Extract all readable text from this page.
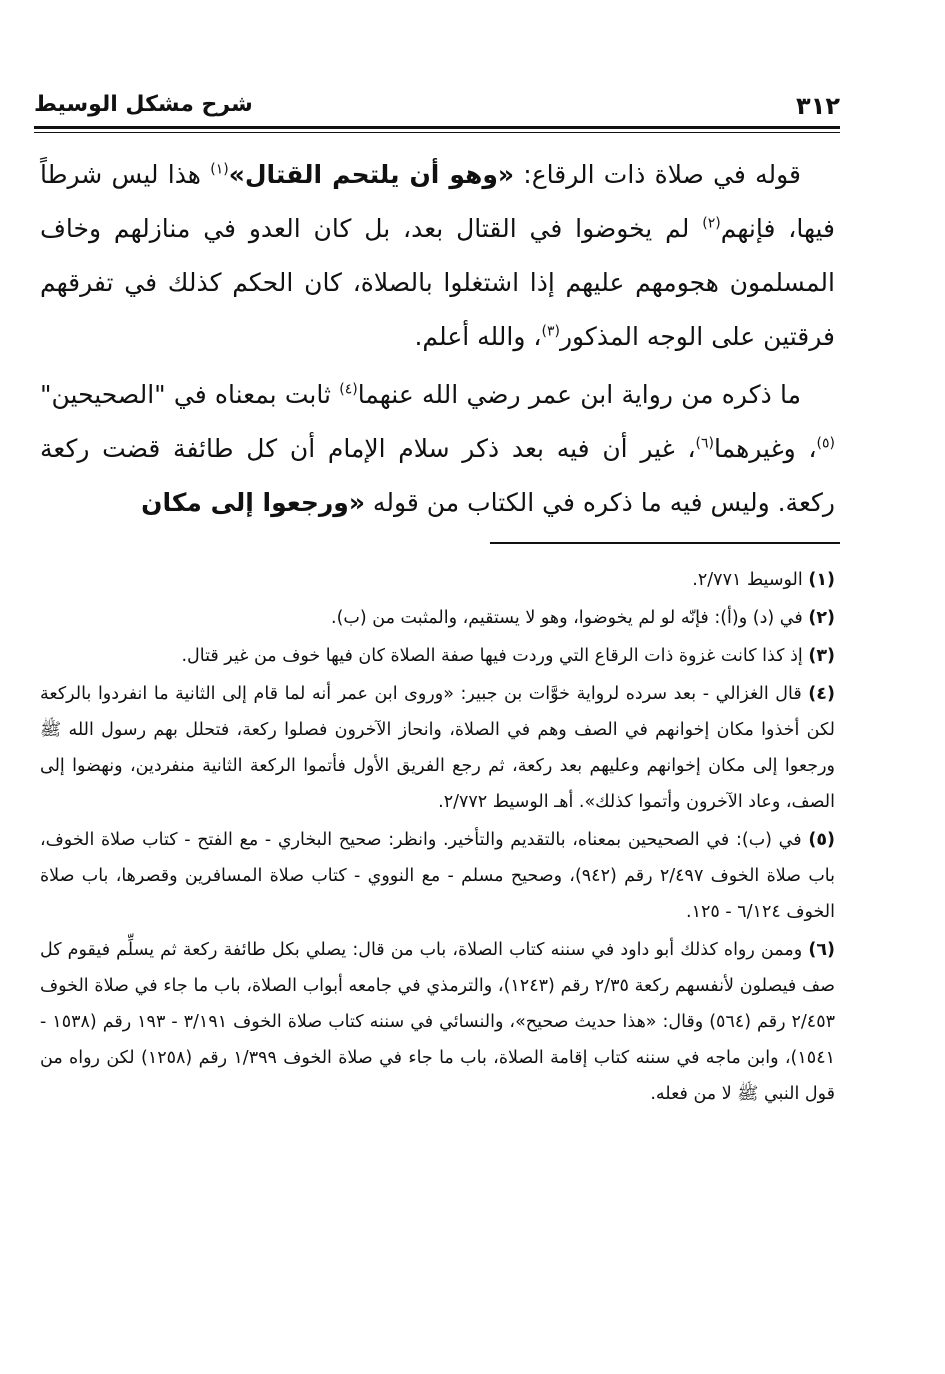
٣١٢
شرح مشكل الوسيط

قوله في صلاة ذات الرقاع: «وهو أن يلتحم القتال»$^{(١)}$ هذا ليس شرطاً فيها، فإنهم$^{(٢)}$ لم يخوضوا في القتال بعد، بل كان العدو في منازلهم وخاف المسلمون هجومهم عليهم إذا اشتغلوا بالصلاة، كان الحكم كذلك في تفرقهم فرقتين على الوجه المذكور$^{(٣)}$، والله أعلم.

ما ذكره من رواية ابن عمر رضي الله عنهما$^{(٤)}$ ثابت بمعناه في "الصحيحين"$^{(٥)}$، وغيرهما$^{(٦)}$، غير أن فيه بعد ذكر سلام الإمام أن كل طائفة قضت ركعة ركعة. وليس فيه ما ذكره في الكتاب من قوله «ورجعوا إلى مكان

(١) الوسيط ٢/٧٧١.

(٢) في (د) و(أ): فإنّه لو لم يخوضوا، وهو لا يستقيم، والمثبت من (ب).

(٣) إذ كذا كانت غزوة ذات الرقاع التي وردت فيها صفة الصلاة كان فيها خوف من غير قتال.

(٤) قال الغزالي - بعد سرده لرواية خوَّات بن جبير: «وروى ابن عمر أنه لما قام إلى الثانية ما انفردوا بالركعة لكن أخذوا مكان إخوانهم في الصف وهم في الصلاة، وانحاز الآخرون فصلوا ركعة، فتحلل بهم رسول الله ﷺ ورجعوا إلى مكان إخوانهم وعليهم بعد ركعة، ثم رجع الفريق الأول فأتموا الركعة الثانية منفردين، ونهضوا إلى الصف، وعاد الآخرون وأتموا كذلك». أهـ الوسيط ٢/٧٧٢.

(٥) في (ب): في الصحيحين بمعناه، بالتقديم والتأخير. وانظر: صحيح البخاري - مع الفتح - كتاب صلاة الخوف، باب صلاة الخوف ٢/٤٩٧ رقم (٩٤٢)، وصحيح مسلم - مع النووي - كتاب صلاة المسافرين وقصرها، باب صلاة الخوف ٦/١٢٤ - ١٢٥.

(٦) وممن رواه كذلك أبو داود في سننه كتاب الصلاة، باب من قال: يصلي بكل طائفة ركعة ثم يسلِّم فيقوم كل صف فيصلون لأنفسهم ركعة ٢/٣٥ رقم (١٢٤٣)، والترمذي في جامعه أبواب الصلاة، باب ما جاء في صلاة الخوف ٢/٤٥٣ رقم (٥٦٤) وقال: «هذا حديث صحيح»، والنسائي في سننه كتاب صلاة الخوف ٣/١٩١ - ١٩٣ رقم (١٥٣٨ - ١٥٤١)، وابن ماجه في سننه كتاب إقامة الصلاة، باب ما جاء في صلاة الخوف ١/٣٩٩ رقم (١٢٥٨) لكن رواه من قول النبي ﷺ لا من فعله.
